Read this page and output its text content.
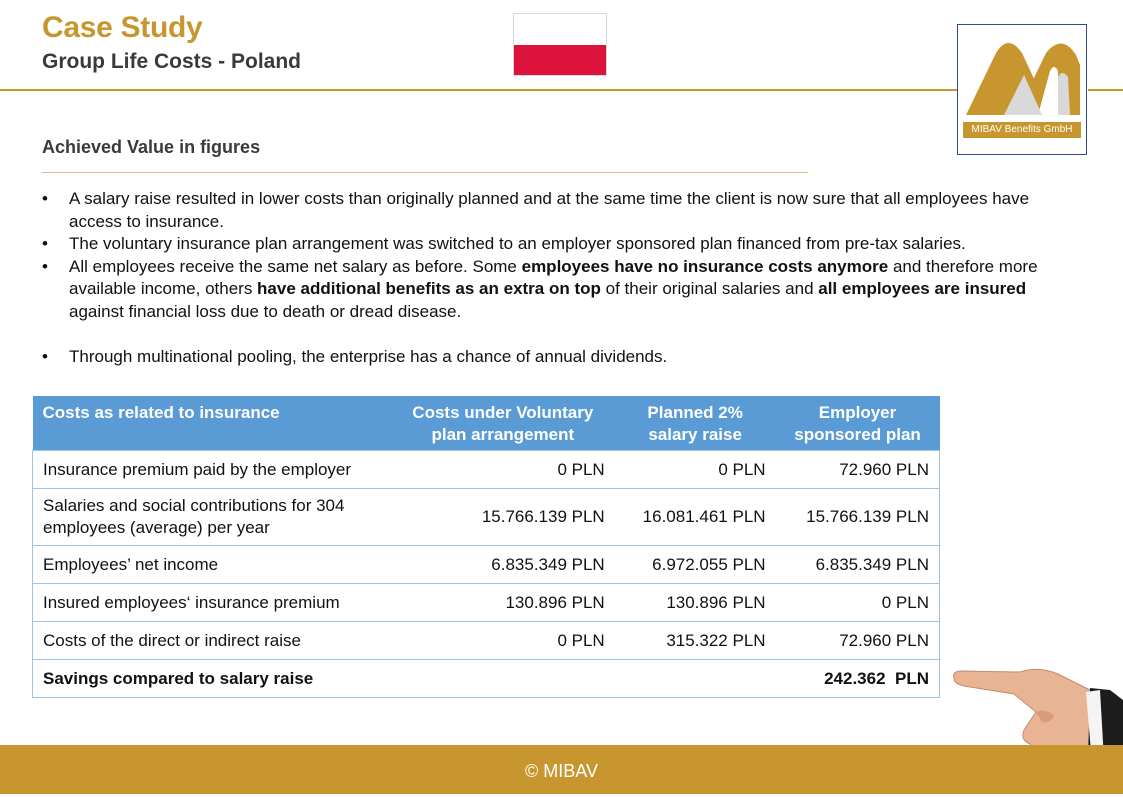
Case Study
Group Life Costs - Poland
MIBAV Benefits GmbH
Achieved Value in figures
• A salary raise resulted in lower costs than originally planned and at the same time the client is now sure that all employees have access to insurance.
• The voluntary insurance plan arrangement was switched to an employer sponsored plan financed from pre-tax salaries.
• All employees receive the same net salary as before. Some employees have no insurance costs anymore and therefore more available income, others have additional benefits as an extra on top of their original salaries and all employees are insured against financial loss due to death or dread disease.
• Through multinational pooling, the enterprise has a chance of annual dividends.
Costs as related to insurance	Costs under Voluntary plan arrangement	Planned 2% salary raise	Employer sponsored plan
Insurance premium paid by the employer	0 PLN	0 PLN	72.960 PLN
Salaries and social contributions for 304 employees (average) per year	15.766.139 PLN	16.081.461 PLN	15.766.139 PLN
Employees’ net income	6.835.349 PLN	6.972.055 PLN	6.835.349 PLN
Insured employees‘ insurance premium	130.896 PLN	130.896 PLN	0 PLN
Costs of the direct or indirect raise	0 PLN	315.322 PLN	72.960 PLN
Savings compared to salary raise			242.362  PLN
© MIBAV
